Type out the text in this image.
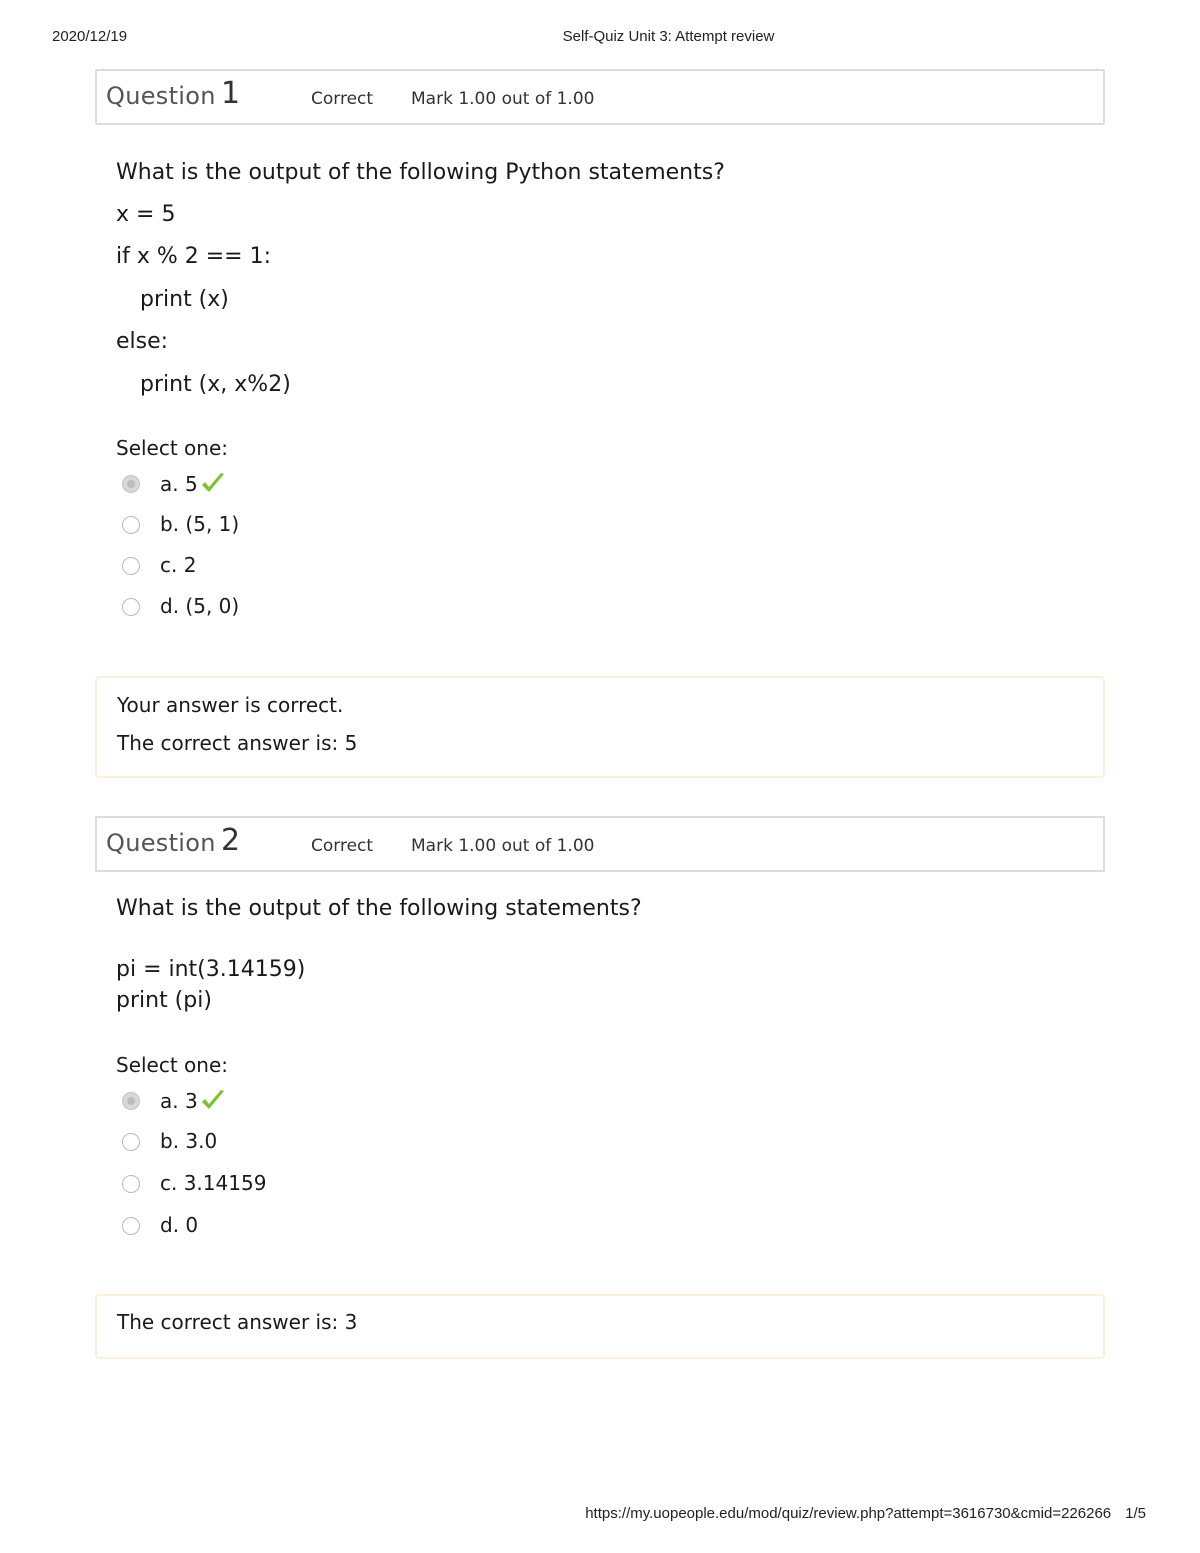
2020/12/19	Self-Quiz Unit 3: Attempt review
Question 1	Correct Mark 1.00 out of 1.00
What is the output of the following Python statements?
x = 5
if x % 2 == 1:
print (x)
else:
print (x, x%2)
Select one:
a. 5
b. (5, 1)
c. 2
d. (5, 0)
Your answer is correct.
The correct answer is: 5
Question 2	Correct Mark 1.00 out of 1.00
What is the output of the following statements?
pi = int(3.14159)
print (pi)
Select one:
a. 3
b. 3.0
c. 3.14159
d. 0
The correct answer is: 3
https://my.uopeople.edu/mod/quiz/review.php?attempt=3616730&cmid=226266 1/5
